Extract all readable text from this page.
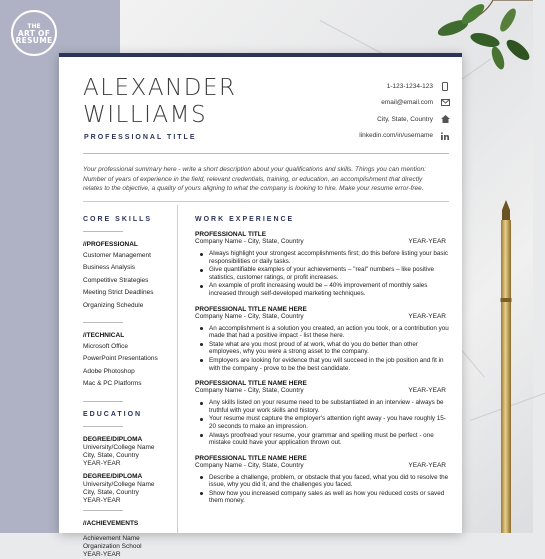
THE
ART OF
RESUME
ALEXANDER
WILLIAMS
PROFESSIONAL TITLE
1-123-1234-123
email@email.com
City, State, Country
linkedin.com/in/username
Your professional summary here - write a short description about your qualifications and skills. Things you can mention: Number of years of experience in the field, relevant credentials, training, or education, an accomplishment that directly relates to the objective, a quality of yours aligning to what the company is looking to hire. Make your resume error-free.
CORE SKILLS
//PROFESSIONAL
Customer Management
Business Analysis
Competitive Strategies
Meeting Strict Deadlines
Organizing Schedule
//TECHNICAL
Microsoft Office
PowerPoint Presentations
Adobe Photoshop
Mac & PC Platforms
EDUCATION
DEGREE/DIPLOMA
University/College Name
City, State, Country
YEAR-YEAR
DEGREE/DIPLOMA
University/College Name
City, State, Country
YEAR-YEAR
//ACHIEVEMENTS
Achievement Name
Organization School
YEAR-YEAR
WORK EXPERIENCE
PROFESSIONAL TITLE
Company Name - City, State, Country	YEAR-YEAR
Always highlight your strongest accomplishments first; do this before listing your basic responsibilities or daily tasks.
Give quantifiable examples of your achievements – "real" numbers – like positive statistics, customer ratings, or profit increases.
An example of profit increasing would be – 40% improvement of monthly sales increased through self-developed marketing techniques.
PROFESSIONAL TITLE NAME HERE
Company Name - City, State, Country	YEAR-YEAR
An accomplishment is a solution you created, an action you took, or a contribution you made that had a positive impact - list these here.
State what are you most proud of at work, what do you do better than other employees, why you were a strong asset to the company.
Employers are looking for evidence that you will succeed in the job position and fit in with the company - prove to be the best candidate.
PROFESSIONAL TITLE NAME HERE
Company Name - City, State, Country	YEAR-YEAR
Any skills listed on your resume need to be substantiated in an interview - always be truthful with your work skills and history.
Your resume must capture the employer's attention right away - you have roughly 15-20 seconds to make an impression.
Always proofread your resume, your grammar and spelling must be perfect - one mistake could have your application thrown out.
PROFESSIONAL TITLE NAME HERE
Company Name - City, State, Country	YEAR-YEAR
Describe a challenge, problem, or obstacle that you faced, what you did to resolve the issue, why you did it, and the challenges you faced.
Show how you increased company sales as well as how you reduced costs or saved them money.
